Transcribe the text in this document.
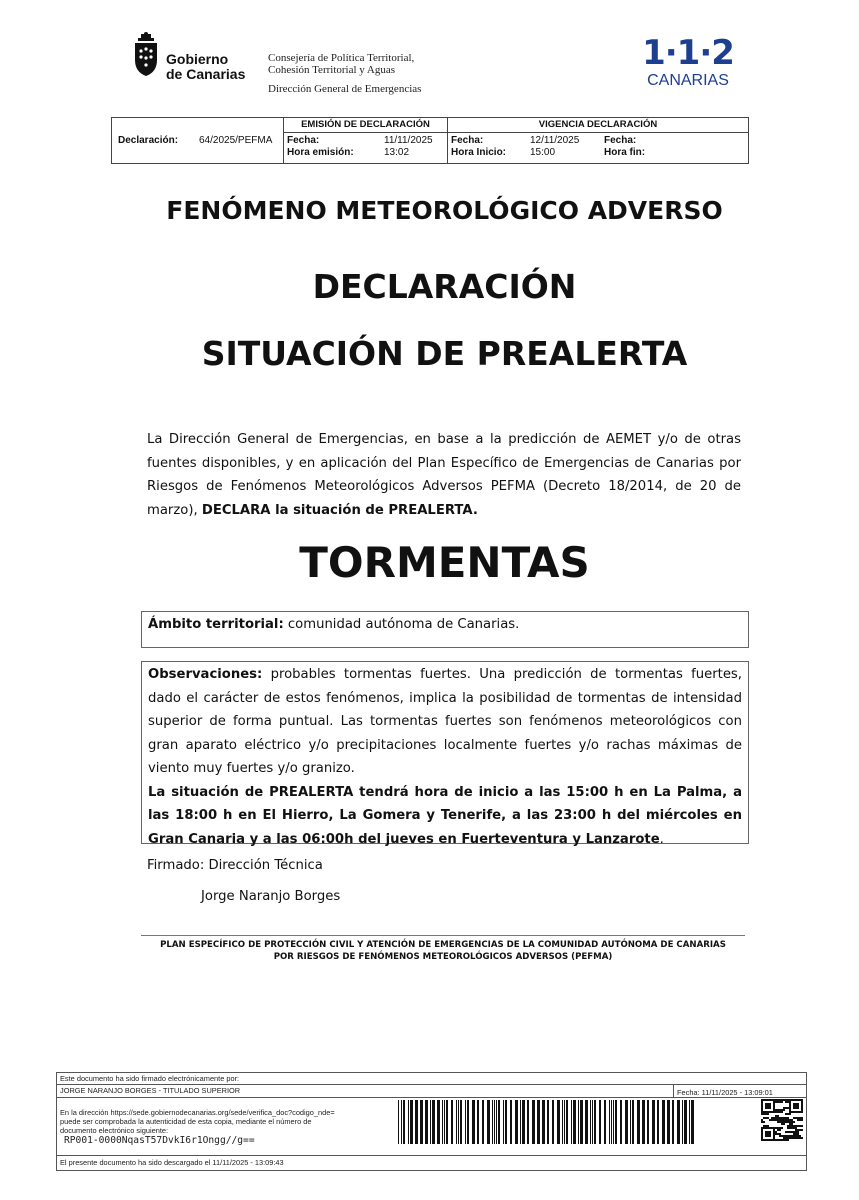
Gobierno
de Canarias
Consejería de Política Territorial,
Cohesión Territorial y Aguas
Dirección General de Emergencias
1·1·2
CANARIAS
Declaración: 64/2025/PEFMA
EMISIÓN DE DECLARACIÓN
Fecha:	11/11/2025
Hora emisión:	13:02
VIGENCIA DECLARACIÓN
Fecha:	12/11/2025
Hora Inicio: 15:00
Fecha:
Hora fin:
FENÓMENO METEOROLÓGICO ADVERSO
DECLARACIÓN
SITUACIÓN DE PREALERTA
La Dirección General de Emergencias, en base a la predicción de AEMET y/o de otras fuentes disponibles, y en aplicación del Plan Específico de Emergencias de Canarias por Riesgos de Fenómenos Meteorológicos Adversos PEFMA (Decreto 18/2014, de 20 de marzo), DECLARA la situación de PREALERTA.
TORMENTAS
Ámbito territorial: comunidad autónoma de Canarias.
Observaciones: probables tormentas fuertes. Una predicción de tormentas fuertes, dado el carácter de estos fenómenos, implica la posibilidad de tormentas de intensidad superior de forma puntual. Las tormentas fuertes son fenómenos meteorológicos con gran aparato eléctrico y/o precipitaciones localmente fuertes y/o rachas máximas de viento muy fuertes y/o granizo.
La situación de PREALERTA tendrá hora de inicio a las 15:00 h en La Palma, a las 18:00 h en El Hierro, La Gomera y Tenerife, a las 23:00 h del miércoles en Gran Canaria y a las 06:00h del jueves en Fuerteventura y Lanzarote.
Firmado: Dirección Técnica
Jorge Naranjo Borges
PLAN ESPECÍFICO DE PROTECCIÓN CIVIL Y ATENCIÓN DE EMERGENCIAS DE LA COMUNIDAD AUTÓNOMA DE CANARIAS
POR RIESGOS DE FENÓMENOS METEOROLÓGICOS ADVERSOS (PEFMA)
Este documento ha sido firmado electrónicamente por:
JORGE NARANJO BORGES - TITULADO SUPERIOR	Fecha: 11/11/2025 - 13:09:01
En la dirección https://sede.gobiernodecanarias.org/sede/verifica_doc?codigo_nde=
puede ser comprobada la autenticidad de esta copia, mediante el número de
documento electrónico siguiente:
RP001-0000NqasT57DvkI6r1Ongg//g==
El presente documento ha sido descargado el 11/11/2025 - 13:09:43
